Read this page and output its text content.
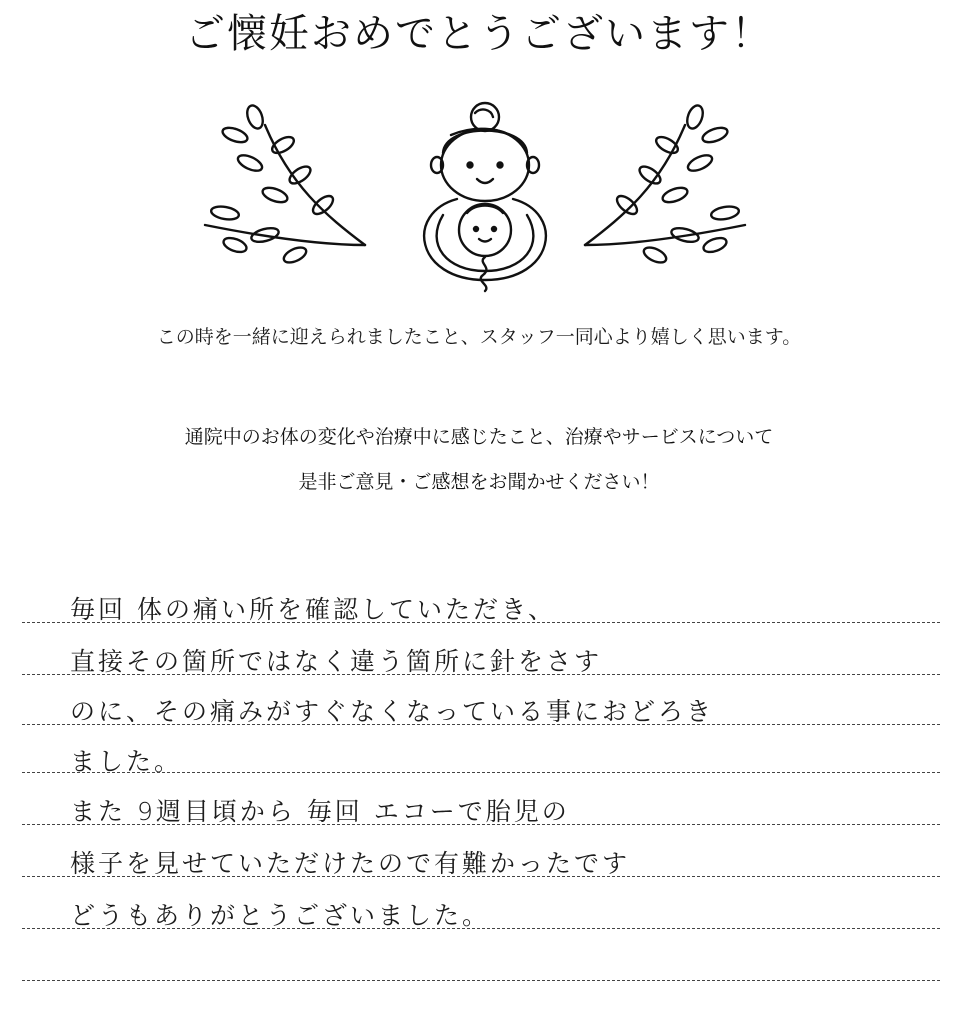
ご懐妊おめでとうございます！
この時を一緒に迎えられましたこと、スタッフ一同心より嬉しく思います。
通院中のお体の変化や治療中に感じたこと、治療やサービスについて
是非ご意見・ご感想をお聞かせください！
毎回 体の痛い所を確認していただき、
直接その箇所ではなく違う箇所に針をさす
のに、その痛みがすぐなくなっている事におどろき
ました。
また 9週目頃から 毎回 エコーで胎児の
様子を見せていただけたので有難かったです
どうもありがとうございました。
